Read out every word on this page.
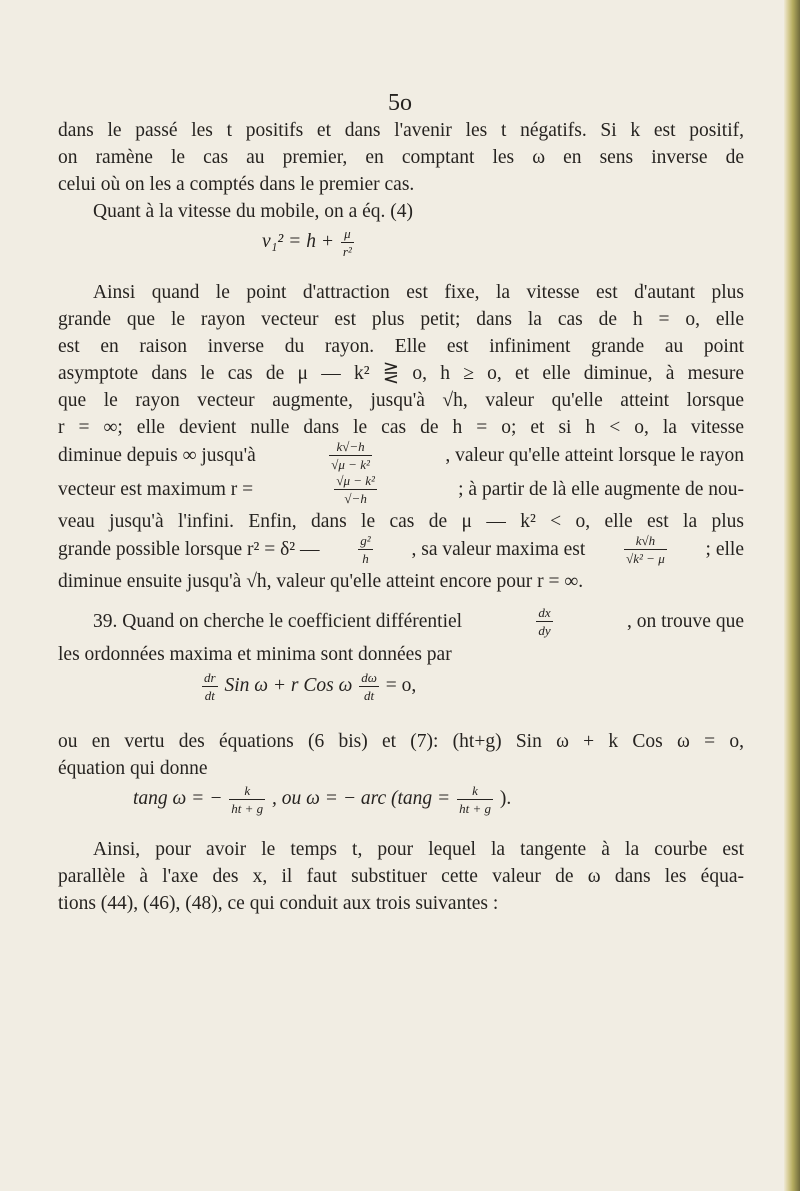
5o

dans le passé les t positifs et dans l'avenir les t négatifs. Si k est positif,

on ramène le cas au premier, en comptant les ω en sens inverse de

celui où on les a comptés dans le premier cas.

Quant à la vitesse du mobile, on a éq. (4)

$v_1^2 = h + \frac{\mu}{\text{r²}}$

Ainsi quand le point d'attraction est fixe, la vitesse est d'autant plus

grande que le rayon vecteur est plus petit; dans la cas de h = o, elle

est en raison inverse du rayon. Elle est infiniment grande au point

asymptote dans le cas de μ — k² ⋛ o, h ≥ o, et elle diminue, à mesure

que le rayon vecteur augmente, jusqu'à √h, valeur qu'elle atteint lorsque

r = ∞; elle devient nulle dans le cas de h = o; et si h < o, la vitesse

diminue depuis ∞ jusqu'à	$\frac{k√-h}{\text{√μ − k²}}$	, valeur qu'elle atteint lorsque le rayon
vecteur est maximum r =	$\frac{\text{√μ − k²}}{√-h}$	; à partir de là elle augmente de nou-

veau jusqu'à l'infini. Enfin, dans le cas de μ — k² < o, elle est la plus

grande possible lorsque r² = δ² —	$\frac{\text{g²}}{h}$ , sa valeur maxima est	$\frac{k√h}{\text{√k² − μ}}$ ; elle

diminue ensuite jusqu'à √h, valeur qu'elle atteint encore pour r = ∞.

39. Quand on cherche le coefficient différentiel	$\frac{dx}{dy}$	, on trouve que

les ordonnées maxima et minima sont données par

$\frac{dr}{dt}$ Sin ω + r Cos ω $\frac{d\omega}{dt} = o$,

ou en vertu des équations (6 bis) et (7): (ht+g) Sin ω + k Cos ω = o,

équation qui donne

tang ω = − $\frac{k}{ht + g}$ , ou ω = − arc ($\tan g = \frac{k}{ht + g}$ ).

Ainsi, pour avoir le temps t, pour lequel la tangente à la courbe est

parallèle à l'axe des x, il faut substituer cette valeur de ω dans les équa-

tions (44), (46), (48), ce qui conduit aux trois suivantes :
